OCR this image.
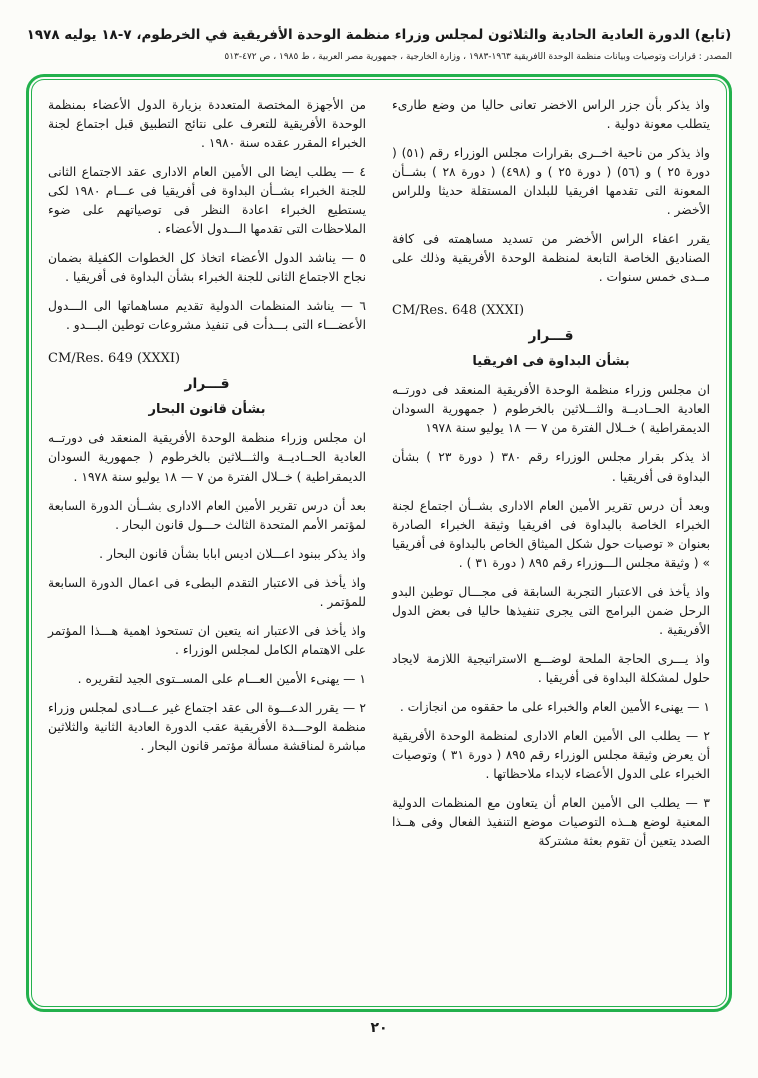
(تابع) الدورة العادية الحادية والثلاثون لمجلس وزراء منظمة الوحدة الأفريقية في الخرطوم، ٧-١٨ يوليه ١٩٧٨
المصدر : قرارات وتوصيات وبيانات منظمة الوحدة الأفريقية ١٩٦٣-١٩٨٣ ، وزارة الخارجية ، جمهورية مصر العربية ، ط ١٩٨٥ ، ص ٤٧٢-٥١٣

واذ يذكر بأن جزر الراس الاخضر تعانى حاليا من وضع طارىء يتطلب معونة دولية .

واذ يذكر من ناحية اخــرى بقرارات مجلس الوزراء رقم (٥١) ( دورة ٢٥ ) و (٥٦) ( دورة ٢٥ ) و (٤٩٨) ( دورة ٢٨ ) بشــأن المعونة التى تقدمها افريقيا للبلدان المستقلة حديثا وللراس الأخضر .

يقرر اعفاء الراس الأخضر من تسديد مساهمته فى كافة الصناديق الخاصة التابعة لمنظمة الوحدة الأفريقية وذلك على مــدى خمس سنوات .

CM/Res. 648 (XXXI)

قـــرار
بشأن البداوة فى افريقيا

ان مجلس وزراء منظمة الوحدة الأفريقية المنعقد فى دورتــه العادية الحــاديــة والثـــلاثين بالخرطوم ( جمهورية السودان الديمقراطية ) خــلال الفترة من ٧ — ١٨ يوليو سنة ١٩٧٨

اذ يذكر بقرار مجلس الوزراء رقم ٣٨٠ ( دورة ٢٣ ) بشأن البداوة فى أفريقيا .

وبعد أن درس تقرير الأمين العام الادارى بشــأن اجتماع لجنة الخبراء الخاصة بالبداوة فى افريقيا وثيقة الخبراء الصادرة بعنوان « توصيات حول شكل الميثاق الخاص بالبداوة فى أفريقيا » ( وثيقة مجلس الـــوزراء رقم ٨٩٥ ( دورة ٣١ ) .

واذ يأخذ فى الاعتبار التجربة السابقة فى مجـــال توطين البدو الرحل ضمن البرامج التى يجرى تنفيذها حاليا فى بعض الدول الأفريقية .

واذ يـــرى الحاجة الملحة لوضـــع الاستراتيجية اللازمة لايجاد حلول لمشكلة البداوة فى أفريقيا .

١ — يهنىء الأمين العام والخبراء على ما حققوه من انجازات .

٢ — يطلب الى الأمين العام الادارى لمنظمة الوحدة الأفريقية أن يعرض وثيقة مجلس الوزراء رقم ٨٩٥ ( دورة ٣١ ) وتوصيات الخبراء على الدول الأعضاء لابداء ملاحظاتها .

٣ — يطلب الى الأمين العام أن يتعاون مع المنظمات الدولية المعنية لوضع هــذه التوصيات موضع التنفيذ الفعال وفى هــذا الصدد يتعين أن تقوم بعثة مشتركة

من الأجهزة المختصة المتعددة بزيارة الدول الأعضاء بمنظمة الوحدة الأفريقية للتعرف على نتائج التطبيق قبل اجتماع لجنة الخبراء المقرر عقده سنة ١٩٨٠ .

٤ — يطلب ايضا الى الأمين العام الادارى عقد الاجتماع الثانى للجنة الخبراء بشــأن البداوة فى أفريقيا فى عـــام ١٩٨٠ لكى يستطيع الخبراء اعادة النظر فى توصياتهم على ضوء الملاحظات التى تقدمها الـــدول الأعضاء .

٥ — يناشد الدول الأعضاء اتخاذ كل الخطوات الكفيلة بضمان نجاح الاجتماع الثانى للجنة الخبراء بشأن البداوة فى أفريقيا .

٦ — يناشد المنظمات الدولية تقديم مساهماتها الى الـــدول الأعضـــاء التى بـــدأت فى تنفيذ مشروعات توطين البـــدو .

CM/Res. 649 (XXXI)

قـــرار
بشأن قانون البحار

ان مجلس وزراء منظمة الوحدة الأفريقية المنعقد فى دورتــه العادية الحــاديــة والثـــلاثين بالخرطوم ( جمهورية السودان الديمقراطية ) خــلال الفترة من ٧ — ١٨ يوليو سنة ١٩٧٨ .

بعد أن درس تقرير الأمين العام الادارى بشــأن الدورة السابعة لمؤتمر الأمم المتحدة الثالث حـــول قانون البحار .

واذ يذكر ببنود اعـــلان اديس ابابا بشأن قانون البحار .

واذ يأخذ فى الاعتبار التقدم البطىء فى اعمال الدورة السابعة للمؤتمر .

واذ يأخذ فى الاعتبار انه يتعين ان تستحوذ اهمية هـــذا المؤتمر على الاهتمام الكامل لمجلس الوزراء .

١ — يهنىء الأمين العـــام على المســتوى الجيد لتقريره .

٢ — يقرر الدعـــوة الى عقد اجتماع غير عـــادى لمجلس وزراء منظمة الوحـــدة الأفريقية عقب الدورة العادية الثانية والثلاثين مباشرة لمناقشة مسألة مؤتمر قانون البحار .

٢٠
